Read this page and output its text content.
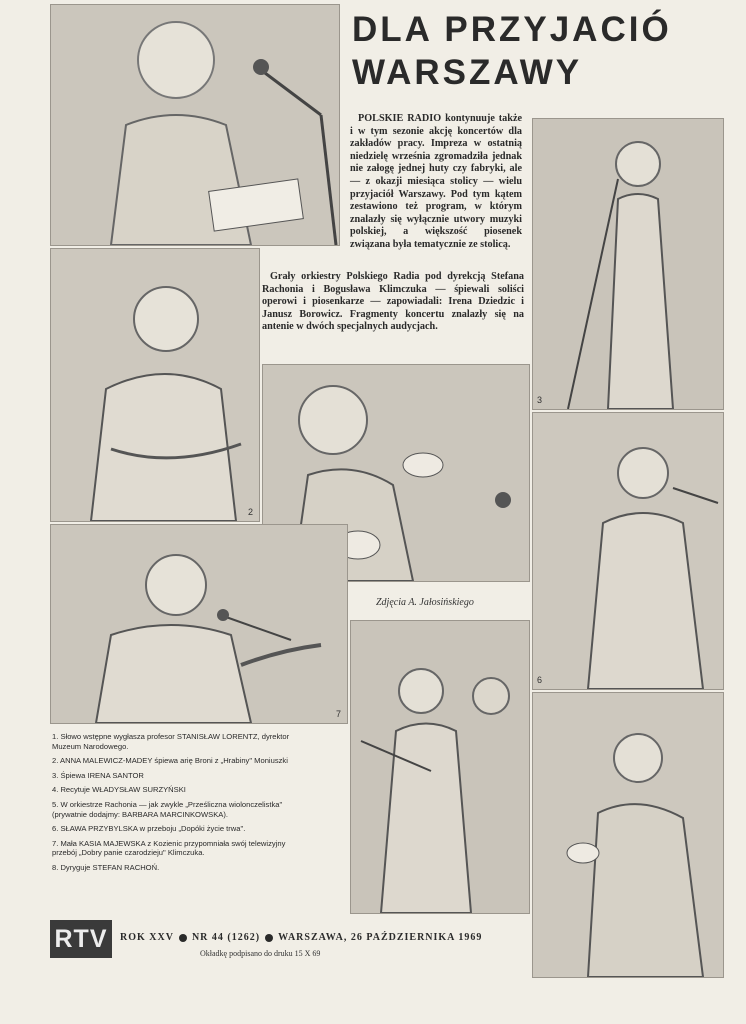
DLA PRZYJACIÓ
WARSZAWY

POLSKIE RADIO kontynuuje także i w tym sezonie akcję koncertów dla zakładów pracy. Impreza w ostatnią niedzielę września zgromadziła jednak nie załogę jednej huty czy fabryki, ale — z okazji miesiąca stolicy — wielu przyjaciół Warszawy. Pod tym kątem zestawiono też program, w którym znalazły się wyłącznie utwory muzyki polskiej, a większość piosenek związana była tematycznie ze stolicą.

Grały orkiestry Polskiego Radia pod dyrekcją Stefana Rachonia i Bogusława Klimczuka — śpiewali soliści operowi i piosenkarze — zapowiadali: Irena Dziedzic i Janusz Borowicz. Fragmenty koncertu znalazły się na antenie w dwóch specjalnych audycjach.

3
2
Zdjęcia A. Jałosińskiego
6
7

1. Słowo wstępne wygłasza profesor STANISŁAW LORENTZ, dyrektor Muzeum Narodowego.

2. ANNA MALEWICZ-MADEY śpiewa arię Broni z „Hrabiny" Moniuszki

3. Śpiewa IRENA SANTOR

4. Recytuje WŁADYSŁAW SURZYŃSKI

5. W orkiestrze Rachonia — jak zwykle „Prześliczna wiolonczelistka" (prywatnie dodajmy: BARBARA MARCINKOWSKA).

6. SŁAWA PRZYBYLSKA w przeboju „Dopóki życie trwa".

7. Mała KASIA MAJEWSKA z Kozienic przypomniała swój telewizyjny przebój „Dobry panie czarodzieju" Klimczuka.

8. Dyryguje STEFAN RACHOŃ.

RTV	ROK XXV NR 44 (1262) WARSZAWA, 26 PAŹDZIERNIKA 1969
Okładkę podpisano do druku 15 X 69
